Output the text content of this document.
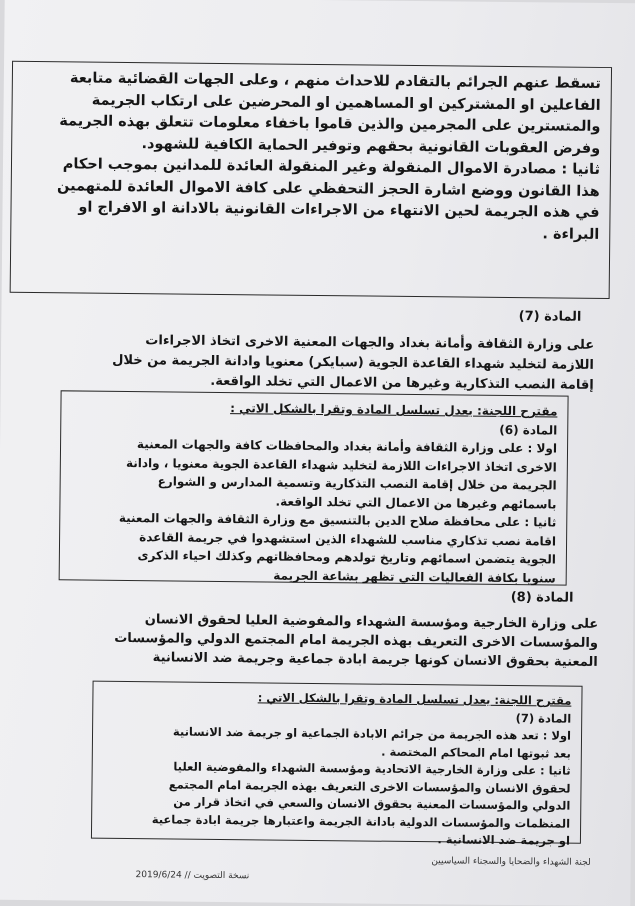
تسقط عنهم الجرائم بالتقادم للاحداث منهم ، وعلى الجهات القضائية متابعة

الفاعلين او المشتركين او المساهمين او المحرضين على ارتكاب الجريمة

والمتسترين على المجرمين والذين قاموا باخفاء معلومات تتعلق بهذه الجريمة

وفرض العقوبات القانونية بحقهم وتوفير الحماية الكافية للشهود.

ثانيا : مصادرة الاموال المنقولة وغير المنقولة العائدة للمدانين بموجب احكام

هذا القانون ووضع اشارة الحجز التحفظي على كافة الاموال العائدة للمتهمين

في هذه الجريمة لحين الانتهاء من الاجراءات القانونية بالادانة او الافراج او

البراءة .

المادة (7)

على وزارة الثقافة وأمانة بغداد والجهات المعنية الاخرى اتخاذ الاجراءات

اللازمة لتخليد شهداء القاعدة الجوية (سبايكر) معنويا وادانة الجريمة من خلال

إقامة النصب التذكارية وغيرها من الاعمال التي تخلد الواقعة.

مقترح اللجنة: يعدل تسلسل المادة وتقرا بالشكل الاتي :

المادة (6)

اولا : على وزارة الثقافة وأمانة بغداد والمحافظات كافة والجهات المعنية

الاخرى اتخاذ الاجراءات اللازمة لتخليد شهداء القاعدة الجوية معنويا ، وادانة

الجريمة من خلال إقامة النصب التذكارية وتسمية المدارس و الشوارع

باسمائهم وغيرها من الاعمال التي تخلد الواقعة.

ثانيا : على محافظة صلاح الدين بالتنسيق مع وزارة الثقافة والجهات المعنية

اقامة نصب تذكاري مناسب للشهداء الذين استشهدوا في جريمة القاعدة

الجوية يتضمن اسمائهم وتاريخ تولدهم ومحافظاتهم وكذلك احياء الذكرى

سنويا بكافة الفعاليات التي تظهر بشاعة الجريمة

المادة (8)

على وزارة الخارجية ومؤسسة الشهداء والمفوضية العليا لحقوق الانسان

والمؤسسات الاخرى التعريف بهذه الجريمة امام المجتمع الدولي والمؤسسات

المعنية بحقوق الانسان كونها جريمة ابادة جماعية وجريمة ضد الانسانية

مقترح اللجنة: يعدل تسلسل المادة وتقرا بالشكل الاتي :

المادة (7)

اولا : تعد هذه الجريمة من جرائم الابادة الجماعية او جريمة ضد الانسانية

بعد ثبوتها امام المحاكم المختصة .

ثانيا : على وزارة الخارجية الاتحادية ومؤسسة الشهداء والمفوضية العليا

لحقوق الانسان والمؤسسات الاخرى التعريف بهذه الجريمة امام المجتمع

الدولي والمؤسسات المعنية بحقوق الانسان والسعي في اتخاذ قرار من

المنظمات والمؤسسات الدولية بادانة الجريمة واعتبارها جريمة ابادة جماعية

او جريمة ضد الانسانية .

لجنة الشهداء والضحايا والسجناء السياسيين
2019/6/24 // نسخة التصويت
